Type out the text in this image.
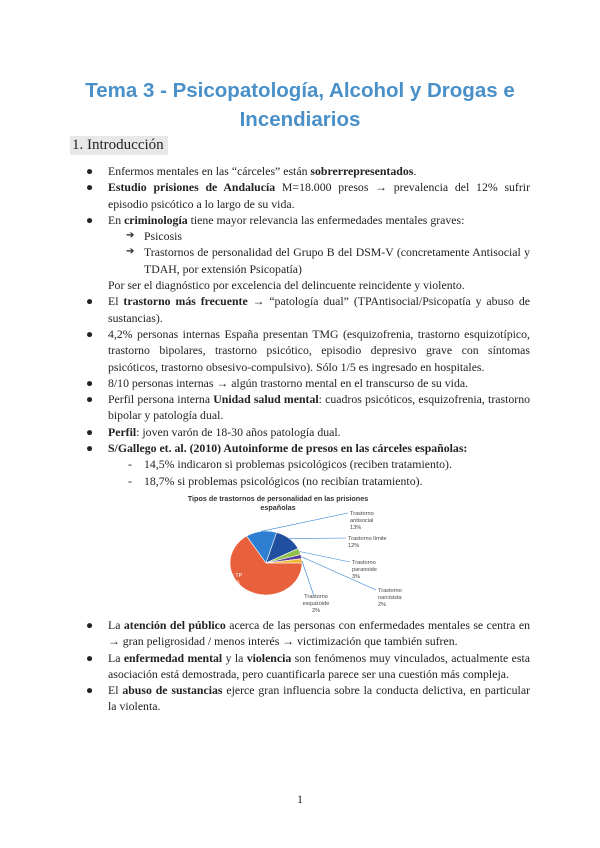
Tema 3 - Psicopatología, Alcohol y Drogas e
Incendiarios
1. Introducción

● Enfermos mentales en las “cárceles” están sobrerrepresentados.

● Estudio prisiones de Andalucía M=18.000 presos → prevalencia del 12% sufrir episodio psicótico a lo largo de su vida.

● En criminología tiene mayor relevancia las enfermedades mentales graves:

➔ Psicosis

➔ Trastornos de personalidad del Grupo B del DSM-V (concretamente Antisocial y TDAH, por extensión Psicopatía)

Por ser el diagnóstico por excelencia del delincuente reincidente y violento.

● El trastorno más frecuente → “patología dual” (TPAntisocial/Psicopatía y abuso de sustancias).

● 4,2% personas internas España presentan TMG (esquizofrenia, trastorno esquizotípico, trastorno bipolares, trastorno psicótico, episodio depresivo grave con síntomas psicóticos, trastorno obsesivo-compulsivo). Sólo 1/5 es ingresado en hospitales.

● 8/10 personas internas → algún trastorno mental en el transcurso de su vida.

● Perfil persona interna Unidad salud mental: cuadros psicóticos, esquizofrenia, trastorno bipolar y patología dual.

● Perfil: joven varón de 18-30 años patología dual.

● S/Gallego et. al. (2010) Autoinforme de presos en las cárceles españolas:

- 14,5% indicaron si problemas psicológicos (reciben tratamiento).

- 18,7% si problemas psicológicos (no recibían tratamiento).

Tipos de trastornos de personalidad en las prisiones
españolas
Sin TP
62%
Trastorno
antisocial
13%
Trastorno límite
12%
Trastorno
paranoide
3%
Trastorno
narcisista
2%
Trastorno
esquizoide
2%

● La atención del público acerca de las personas con enfermedades mentales se centra en → gran peligrosidad / menos interés → victimización que también sufren.

● La enfermedad mental y la violencia son fenómenos muy vinculados, actualmente esta asociación está demostrada, pero cuantificarla parece ser una cuestión más compleja.

● El abuso de sustancias ejerce gran influencia sobre la conducta delictiva, en particular la violenta.

1
